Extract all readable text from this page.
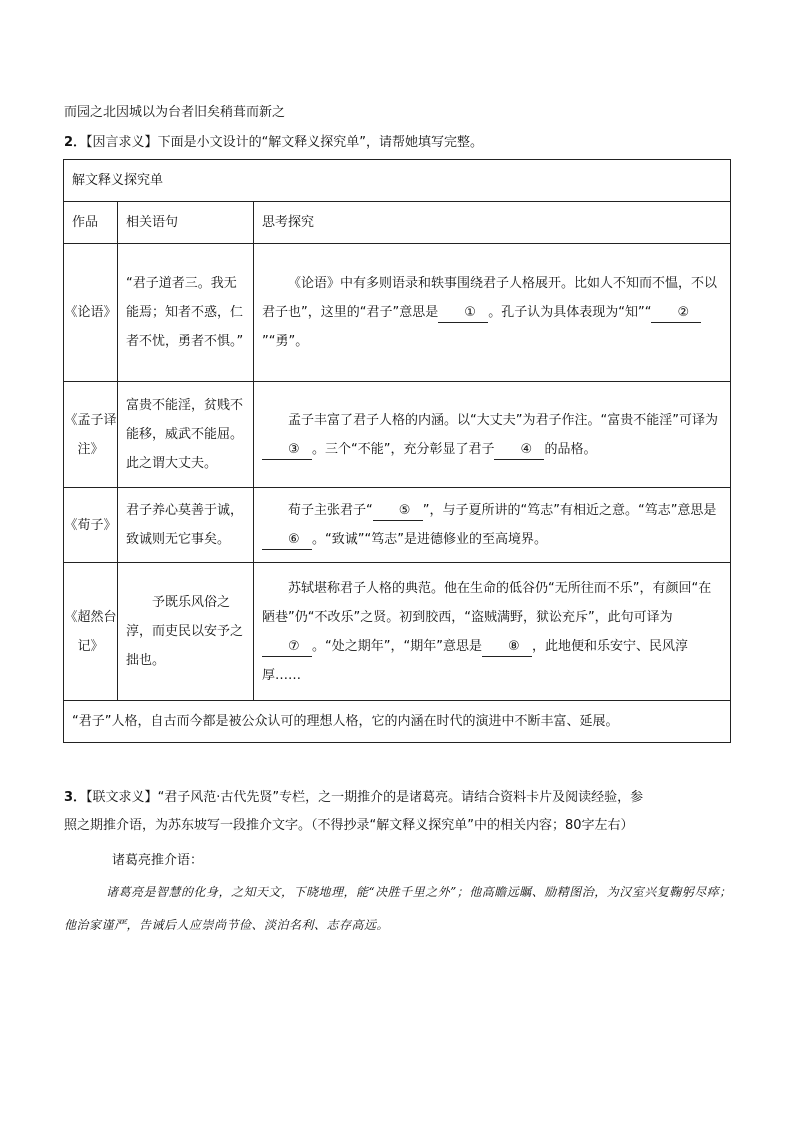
而园之北因城以为台者旧矣稍葺而新之
2．【因言求义】下面是小文设计的“解文释义探究单”，请帮她填写完整。
解文释义探究单		
作品	相关语句	思考探究
《论语》	“君子道者三。我无能焉；知者不惑，仁者不忧，勇者不惧。”	《论语》中有多则语录和轶事围绕君子人格展开。比如人不知而不愠，不以君子也”，这里的“君子”意思是 ① 。孔子认为具体表现为“知”“ ②”“勇”。
《孟子译注》	富贵不能淫，贫贱不能移，威武不能屈。此之谓大丈夫。	孟子丰富了君子人格的内涵。以“大丈夫”为君子作注。“富贵不能淫”可译为③ 。三个“不能”，充分彰显了君子 ④ 的品格。
《荀子》	君子养心莫善于诚，致诚则无它事矣。	荀子主张君子“ ⑤ ”，与子夏所讲的“笃志”有相近之意。“笃志”意思是⑥ 。“致诚”“笃志”是进德修业的至高境界。
《超然台记》	予既乐风俗之淳，而吏民以安予之拙也。	苏轼堪称君子人格的典范。他在生命的低谷仍“无所往而不乐”，有颜回“在陋巷”仍“不改乐”之贤。初到胶西，“盗贼满野，狱讼充斥”，此句可译为⑦ 。“处之期年”，“期年”意思是 ⑧ ，此地便和乐安宁、民风淳厚……
“君子”人格，自古而今都是被公众认可的理想人格，它的内涵在时代的演进中不断丰富、延展。		
3．【联文求义】“君子风范·古代先贤”专栏，之一期推介的是诸葛亮。请结合资料卡片及阅读经验，参
照之期推介语，为苏东坡写一段推介文字。（不得抄录“解文释义探究单”中的相关内容；80字左右）
诸葛亮推介语：
诸葛亮是智慧的化身，之知天文，下晓地理，能“决胜千里之外”；他高瞻远瞩、励精图治，为汉室兴复鞠躬尽瘁；他治家谨严，告诫后人应崇尚节俭、淡泊名利、志存高远。
